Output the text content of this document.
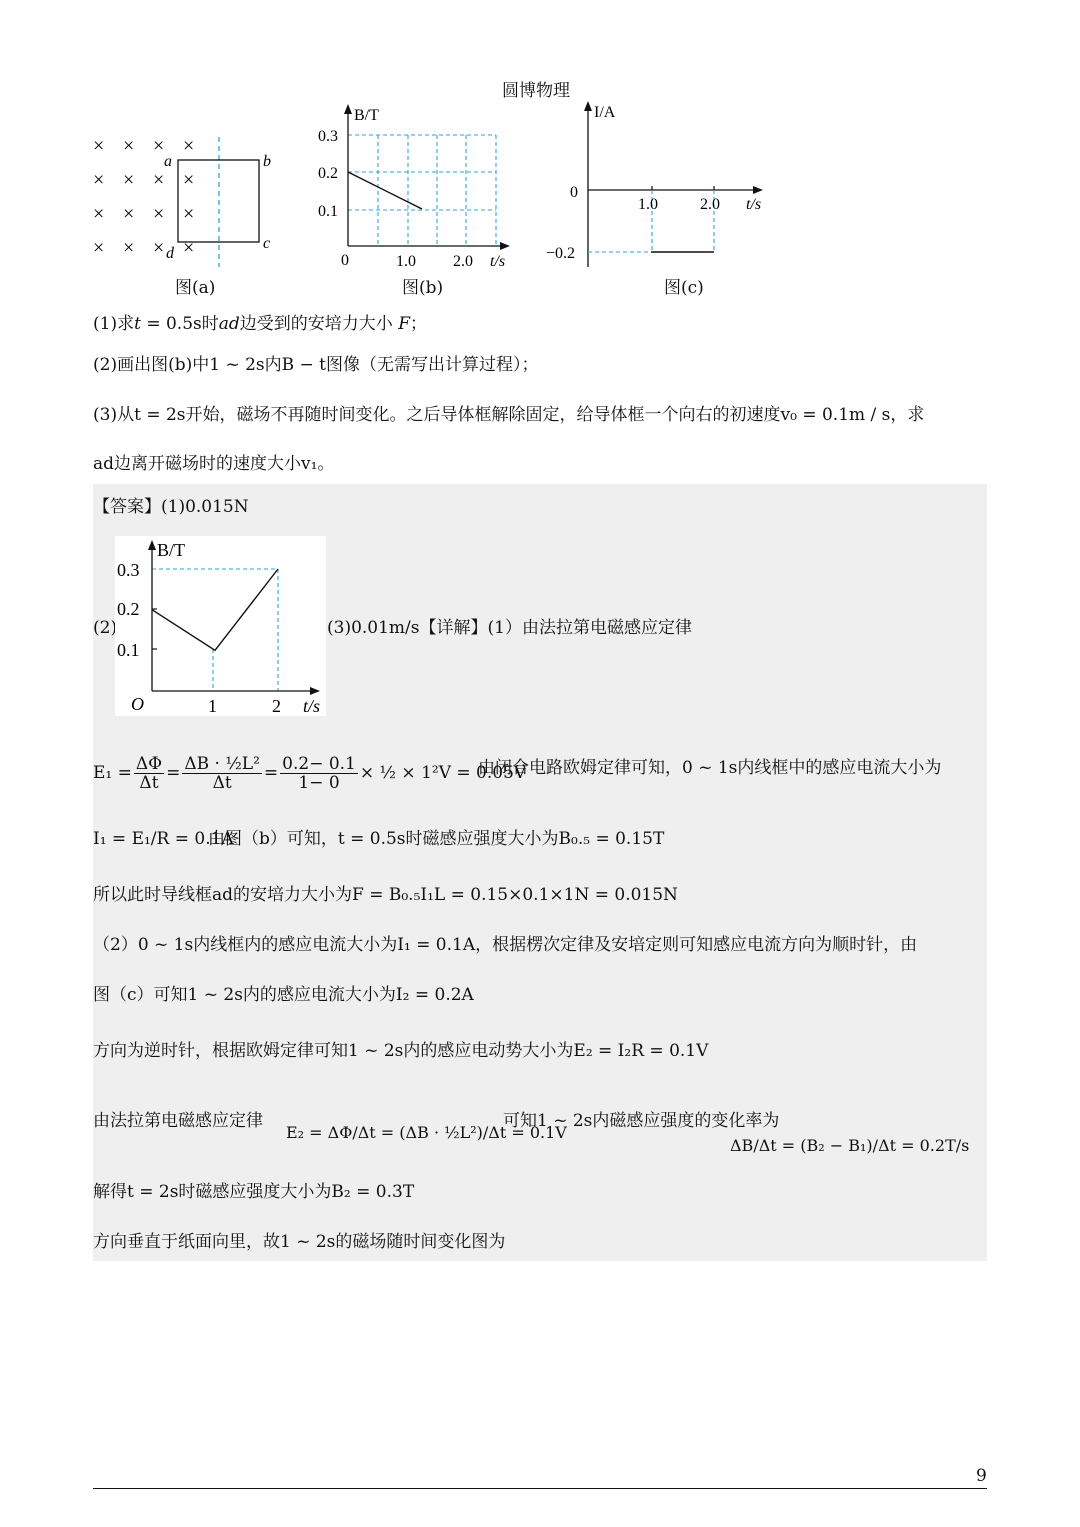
圆博物理
× × × ×
× × × ×
× × × ×
× × × ×
a	b
c
d
图(a)
B/T
0.3
0.2
0.1
0	1.0 2.0 t/s
图(b)
I/A
0
−0.2
1.0	2.0 t/s
图(c)
(1)求t = 0.5s时ad边受到的安培力大小 F；
(2)画出图(b)中1 ~ 2s内B − t图像（无需写出计算过程）；
(3)从t = 2s开始，磁场不再随时间变化。之后导体框解除固定，给导体框一个向右的初速度v₀ = 0.1m / s，求
ad边离开磁场时的速度大小v₁。
【答案】(1)0.015N
(2)
B/T
0.3
0.2
0.1
O	1	2 t/s
(3)0.01m/s【详解】(1）由法拉第电磁感应定律
$E_1 = \frac{\Delta\Phi}{\Delta t} = \frac{\text{ΔB · ½L²}}{\Delta t} = \frac{0.2- 0.1}{1- 0}$ × ½ × 1²V = 0.05V
由闭合电路欧姆定律可知，0 ~ 1s内线框中的感应电流大小为
I₁ = E₁/R = 0.1A
由图（b）可知，t = 0.5s时磁感应强度大小为B₀.₅ = 0.15T
所以此时导线框ad的安培力大小为F = B₀.₅I₁L = 0.15×0.1×1N = 0.015N
（2）0 ~ 1s内线框内的感应电流大小为I₁ = 0.1A，根据楞次定律及安培定则可知感应电流方向为顺时针，由
图（c）可知1 ~ 2s内的感应电流大小为I₂ = 0.2A
方向为逆时针，根据欧姆定律可知1 ~ 2s内的感应电动势大小为E₂ = I₂R = 0.1V
由法拉第电磁感应定律
E₂ = ΔΦ/Δt = (ΔB · ½L²)/Δt = 0.1V
可知1 ~ 2s内磁感应强度的变化率为
ΔB/Δt = (B₂ − B₁)/Δt = 0.2T/s
解得t = 2s时磁感应强度大小为B₂ = 0.3T
方向垂直于纸面向里，故1 ~ 2s的磁场随时间变化图为
9
